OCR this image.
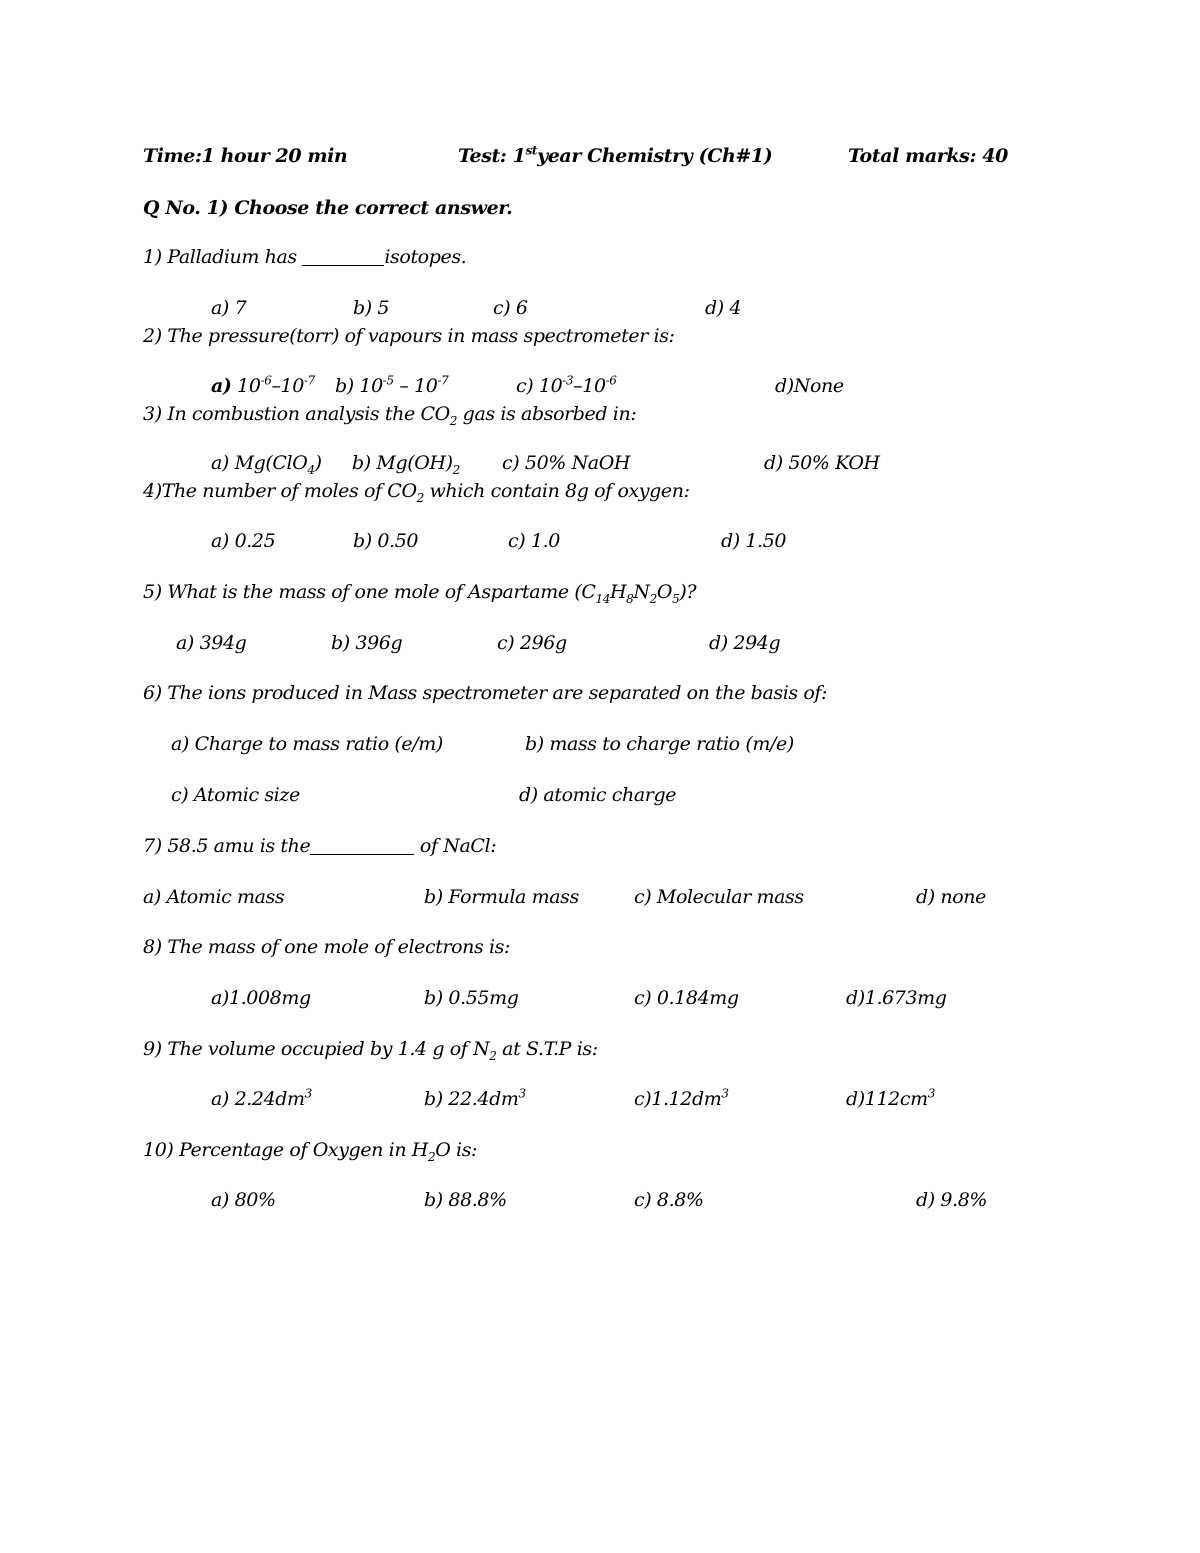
Time:1 hour 20 min	Test: 1styear Chemistry (Ch#1)	Total marks: 40
Q No. 1) Choose the correct answer.
1) Palladium has	isotopes.
a) 7	b) 5	c) 6	d) 4
2) The pressure(torr) of vapours in mass spectrometer is:
a) $10^{-6}-10^{-7}$ b) $10^{-5} - 10^{-7}$	c) $10^{-3}-10^{-6}$	d)None
3) In combustion analysis the $CO_2$ gas is absorbed in:
a) Mg(ClO$_4$) b) $Mg(OH)_2$ c) 50% NaOH	d) 50% KOH
4)The number of moles of $CO_2$ which contain 8g of oxygen:
a) 0.25	b) 0.50	c) 1.0	d) 1.50
5) What is the mass of one mole of Aspartame $(C_{14}H_8N_2O_5)$?
a) 394g	b) 396g	c) 296g	d) 294g
6) The ions produced in Mass spectrometer are separated on the basis of:
a) Charge to mass ratio (e/m)	b) mass to charge ratio (m/e)
c) Atomic size	d) atomic charge
7) 58.5 amu is the	of NaCl:
a) Atomic mass	b) Formula mass	c) Molecular mass	d) none
8) The mass of one mole of electrons is:
a)1.008mg	b) 0.55mg	c) 0.184mg	d)1.673mg
9) The volume occupied by 1.4 g of $N_2$ at S.T.P is:
a) $2.24dm^3$	b) $22.4dm^3$	$c)1.12dm^3$	$d)112cm^3$
10) Percentage of Oxygen in $H_2O$ is:
a) 80%	b) 88.8%	c) 8.8%	d) 9.8%
